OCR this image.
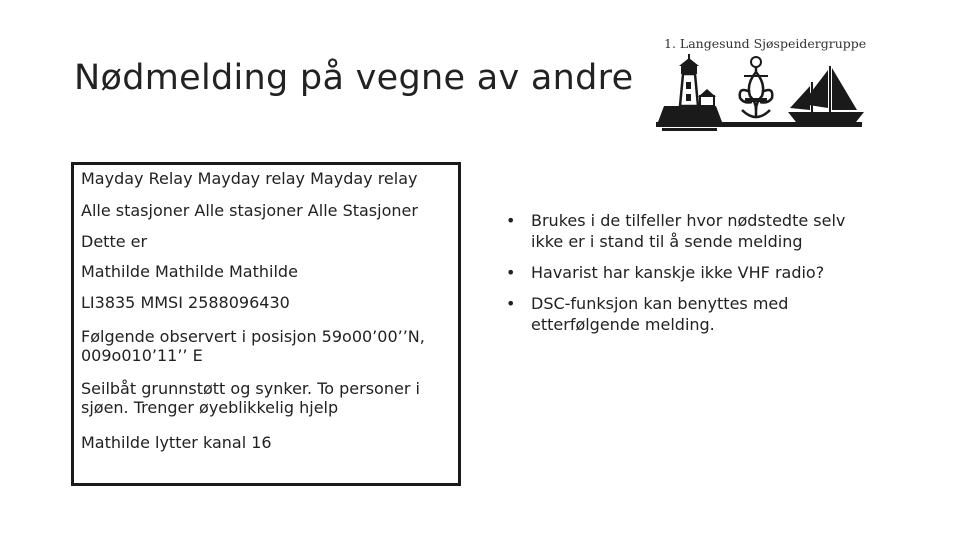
Nødmelding på vegne av andre

1. Langesund Sjøspeidergruppe

Mayday Relay Mayday relay Mayday relay

Alle stasjoner Alle stasjoner Alle Stasjoner

Dette er

Mathilde Mathilde Mathilde

LI3835 MMSI 2588096430

Følgende observert i posisjon 59o00’00’’N, 009o010’11’’ E

Seilbåt grunnstøtt og synker. To personer i sjøen. Trenger øyeblikkelig hjelp

Mathilde lytter kanal 16

• Brukes i de tilfeller hvor nødstedte selv ikke er i stand til å sende melding
• Havarist har kanskje ikke VHF radio?
• DSC-funksjon kan benyttes med etterfølgende melding.
